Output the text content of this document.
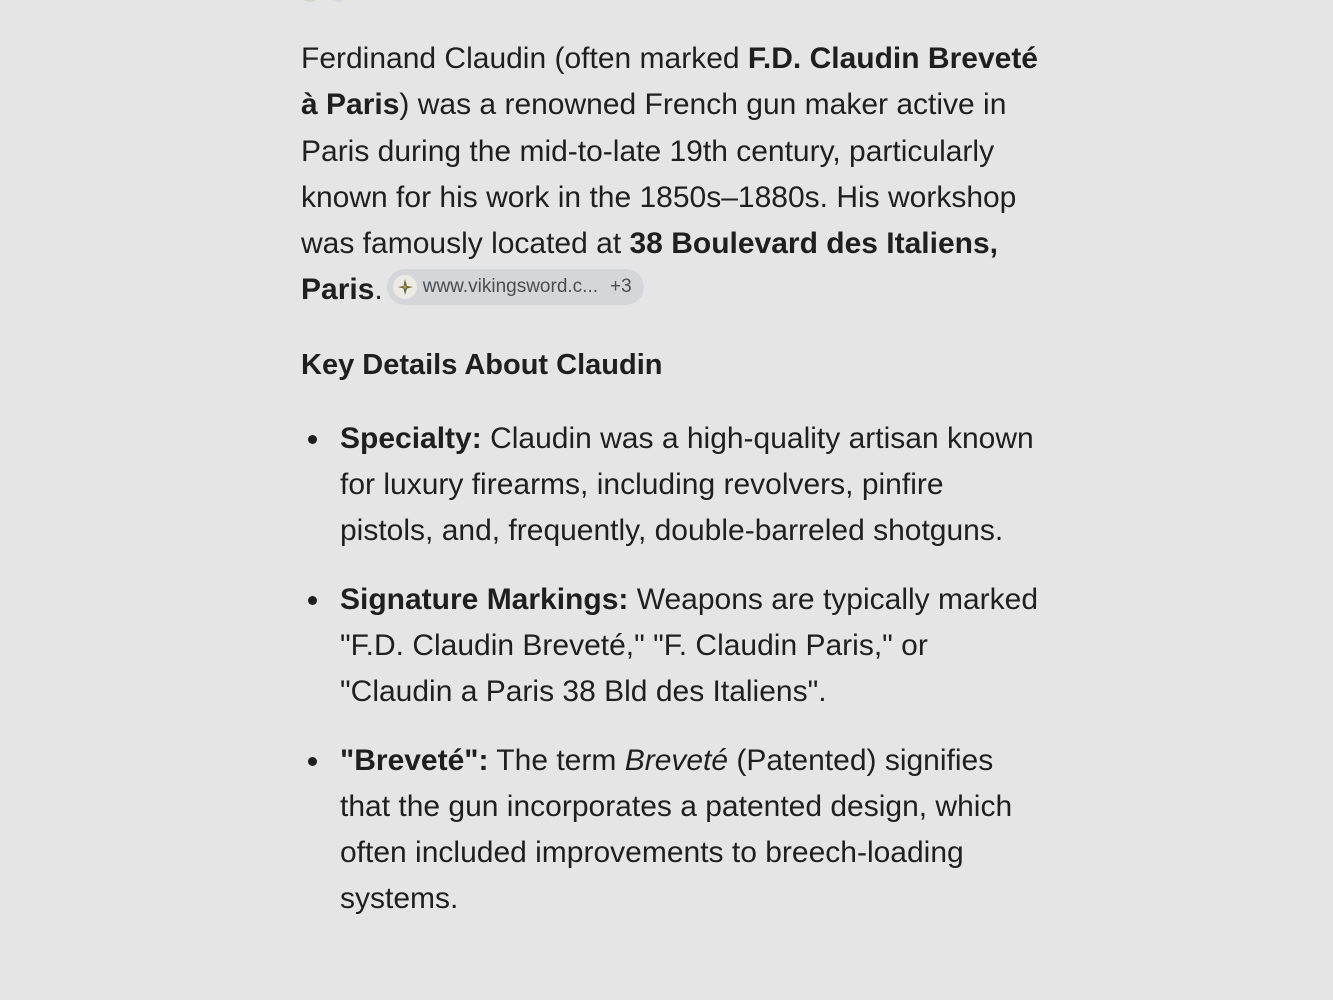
Ferdinand Claudin (often marked F.D. Claudin Breveté à Paris) was a renowned French gun maker active in Paris during the mid-to-late 19th century, particularly known for his work in the 1850s–1880s. His workshop was famously located at 38 Boulevard des Italiens, Paris. www.vikingsword.c... +3

Key Details About Claudin
Specialty: Claudin was a high-quality artisan known for luxury firearms, including revolvers, pinfire pistols, and, frequently, double-barreled shotguns.
Signature Markings: Weapons are typically marked "F.D. Claudin Breveté," "F. Claudin Paris," or "Claudin a Paris 38 Bld des Italiens".
"Breveté": The term Breveté (Patented) signifies that the gun incorporates a patented design, which often included improvements to breech-loading systems.
